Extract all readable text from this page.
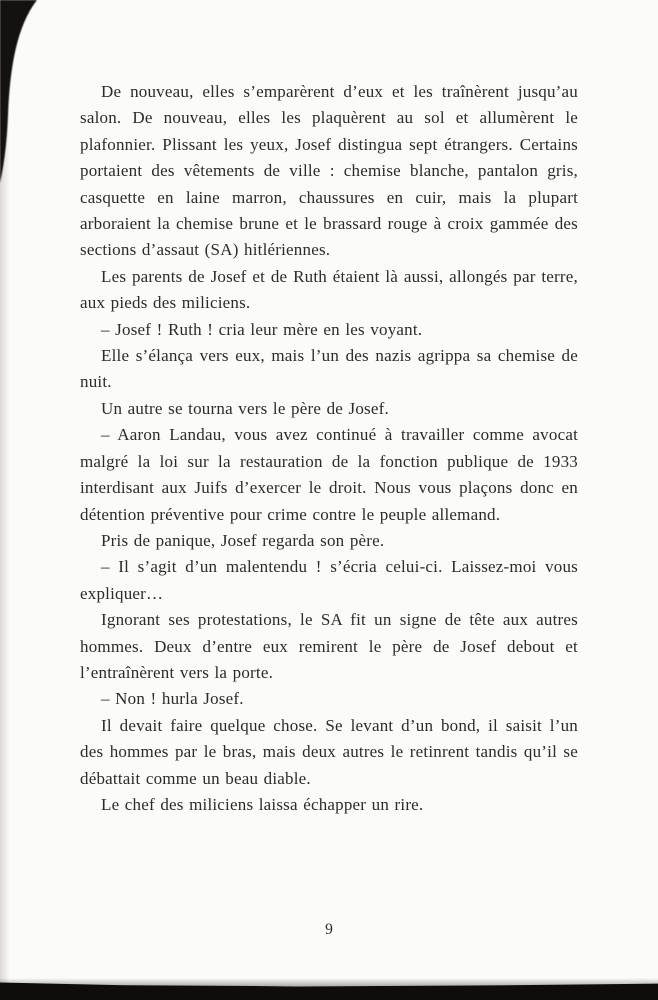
De nouveau, elles s’emparèrent d’eux et les traînèrent jusqu’au salon. De nouveau, elles les plaquèrent au sol et allumèrent le plafonnier. Plissant les yeux, Josef distingua sept étrangers. Certains portaient des vêtements de ville : chemise blanche, pantalon gris, casquette en laine marron, chaussures en cuir, mais la plupart arboraient la chemise brune et le brassard rouge à croix gammée des sections d’assaut (SA) hitlériennes.

Les parents de Josef et de Ruth étaient là aussi, allongés par terre, aux pieds des miliciens.

– Josef ! Ruth ! cria leur mère en les voyant.

Elle s’élança vers eux, mais l’un des nazis agrippa sa chemise de nuit.

Un autre se tourna vers le père de Josef.

– Aaron Landau, vous avez continué à travailler comme avocat malgré la loi sur la restauration de la fonction publique de 1933 interdisant aux Juifs d’exercer le droit. Nous vous plaçons donc en détention préventive pour crime contre le peuple allemand.

Pris de panique, Josef regarda son père.

– Il s’agit d’un malentendu ! s’écria celui-ci. Laissez-moi vous expliquer…

Ignorant ses protestations, le SA fit un signe de tête aux autres hommes. Deux d’entre eux remirent le père de Josef debout et l’entraînèrent vers la porte.

– Non ! hurla Josef.

Il devait faire quelque chose. Se levant d’un bond, il saisit l’un des hommes par le bras, mais deux autres le retinrent tandis qu’il se débattait comme un beau diable.

Le chef des miliciens laissa échapper un rire.

9
